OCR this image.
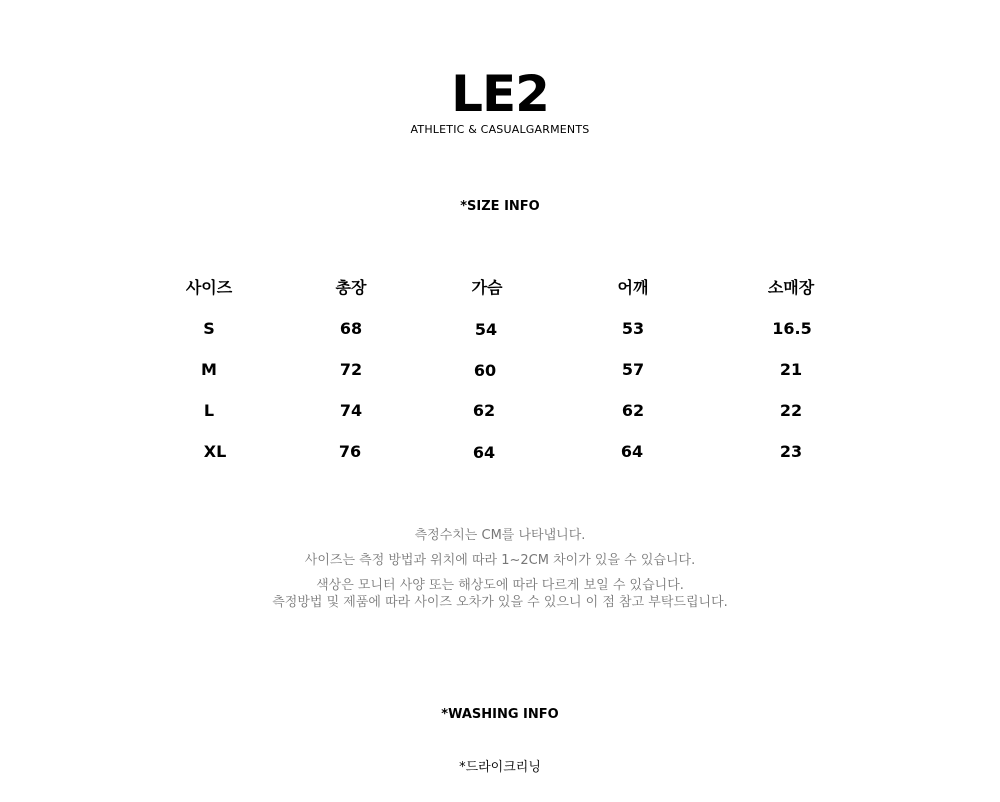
LE2
ATHLETIC & CASUALGARMENTS
*SIZE INFO
사이즈	총장	가슴	어깨	소매장
S	68	54	53	16.5
M	72	60	57	21
L	74	62	62	22
XL	76	64	64	23
측정수치는 CM를 나타냅니다.
사이즈는 측정 방법과 위치에 따라 1~2CM 차이가 있을 수 있습니다.
색상은 모니터 사양 또는 해상도에 따라 다르게 보일 수 있습니다.
측정방법 및 제품에 따라 사이즈 오차가 있을 수 있으니 이 점 참고 부탁드립니다.
*WASHING INFO
*드라이크리닝
